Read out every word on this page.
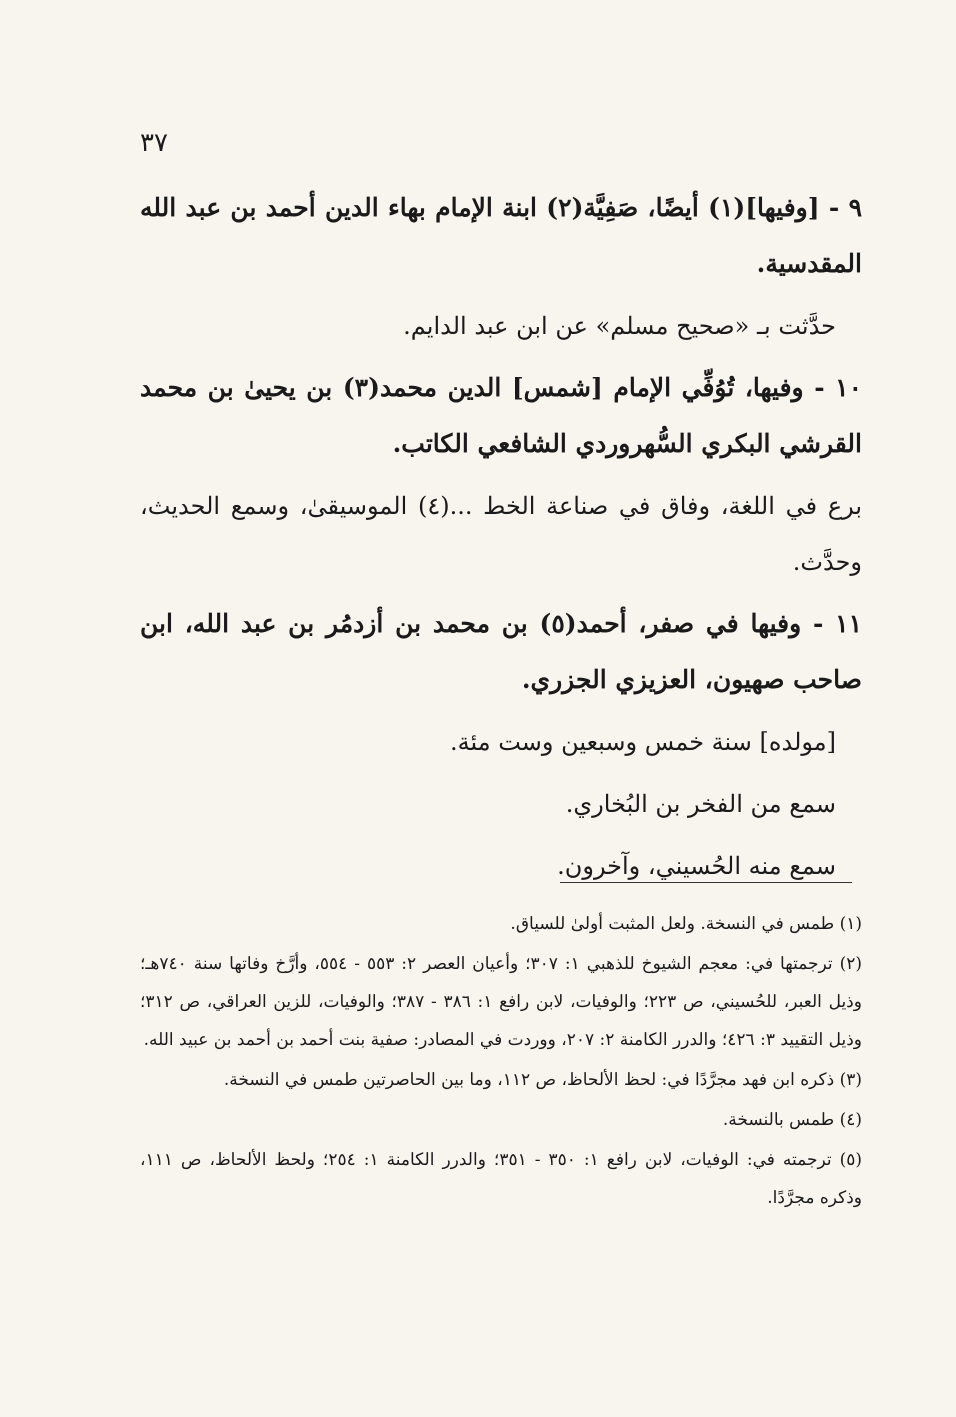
٣٧

٩ - [وفيها](١) أيضًا، صَفِيَّة(٢) ابنة الإمام بهاء الدين أحمد بن عبد الله المقدسية.

حدَّثت بـ «صحيح مسلم» عن ابن عبد الدايم.

١٠ - وفيها، تُوُفِّي الإمام [شمس] الدين محمد(٣) بن يحيىٰ بن محمد القرشي البكري السُّهروردي الشافعي الكاتب.

برع في اللغة، وفاق في صناعة الخط ...(٤) الموسيقىٰ، وسمع الحديث، وحدَّث.

١١ - وفيها في صفر، أحمد(٥) بن محمد بن أزدمُر بن عبد الله، ابن صاحب صهيون، العزيزي الجزري.

[مولده] سنة خمس وسبعين وست مئة.

سمع من الفخر بن البُخاري.

سمع منه الحُسيني، وآخرون.

(١) طمس في النسخة. ولعل المثبت أولىٰ للسياق.

(٢) ترجمتها في: معجم الشيوخ للذهبي ١: ٣٠٧؛ وأعيان العصر ٢: ٥٥٣ - ٥٥٤، وأرَّخ وفاتها سنة ٧٤٠هـ؛ وذيل العبر، للحُسيني، ص ٢٢٣؛ والوفيات، لابن رافع ١: ٣٨٦ - ٣٨٧؛ والوفيات، للزين العراقي، ص ٣١٢؛ وذيل التقييد ٣: ٤٢٦؛ والدرر الكامنة ٢: ٢٠٧، ووردت في المصادر: صفية بنت أحمد بن أحمد بن عبيد الله.

(٣) ذكره ابن فهد مجرَّدًا في: لحظ الألحاظ، ص ١١٢، وما بين الحاصرتين طمس في النسخة.

(٤) طمس بالنسخة.

(٥) ترجمته في: الوفيات، لابن رافع ١: ٣٥٠ - ٣٥١؛ والدرر الكامنة ١: ٢٥٤؛ ولحظ الألحاظ، ص ١١١، وذكره مجرَّدًا.
